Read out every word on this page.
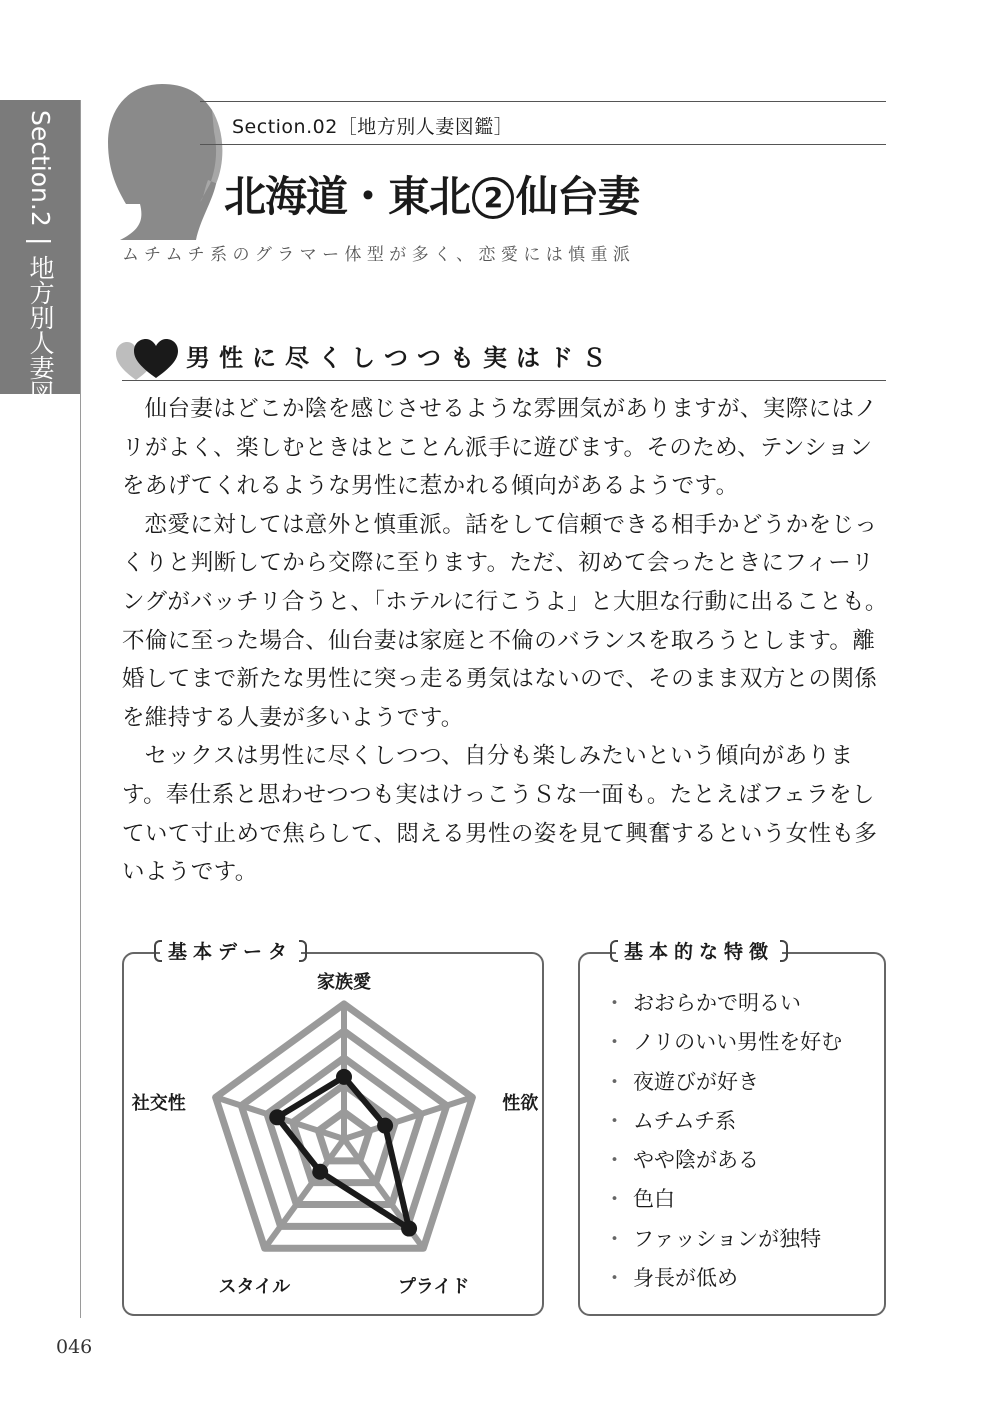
Section.2|地方別人妻図鑑
Section.02［地方別人妻図鑑］
北海道・東北 2 仙台妻
ムチムチ系のグラマー体型が多く、恋愛には慎重派
男性に尽くしつつも実はドＳ

仙台妻はどこか陰を感じさせるような雰囲気がありますが、実際にはノリがよく、楽しむときはとことん派手に遊びます。そのため、テンションをあげてくれるような男性に惹かれる傾向があるようです。

恋愛に対しては意外と慎重派。話をして信頼できる相手かどうかをじっくりと判断してから交際に至ります。ただ、初めて会ったときにフィーリングがバッチリ合うと、「ホテルに行こうよ」と大胆な行動に出ることも。不倫に至った場合、仙台妻は家庭と不倫のバランスを取ろうとします。離婚してまで新たな男性に突っ走る勇気はないので、そのまま双方との関係を維持する人妻が多いようです。

セックスは男性に尽くしつつ、自分も楽しみたいという傾向があります。奉仕系と思わせつつも実はけっこうＳな一面も。たとえばフェラをしていて寸止めで焦らして、悶える男性の姿を見て興奮するという女性も多いようです。

基本データ
家族愛
性欲
プライド
スタイル
社交性
基本的な特徴
・ おおらかで明るい
・ ノリのいい男性を好む
・ 夜遊びが好き
・ ムチムチ系
・ やや陰がある
・ 色白
・ ファッションが独特
・ 身長が低め
046
